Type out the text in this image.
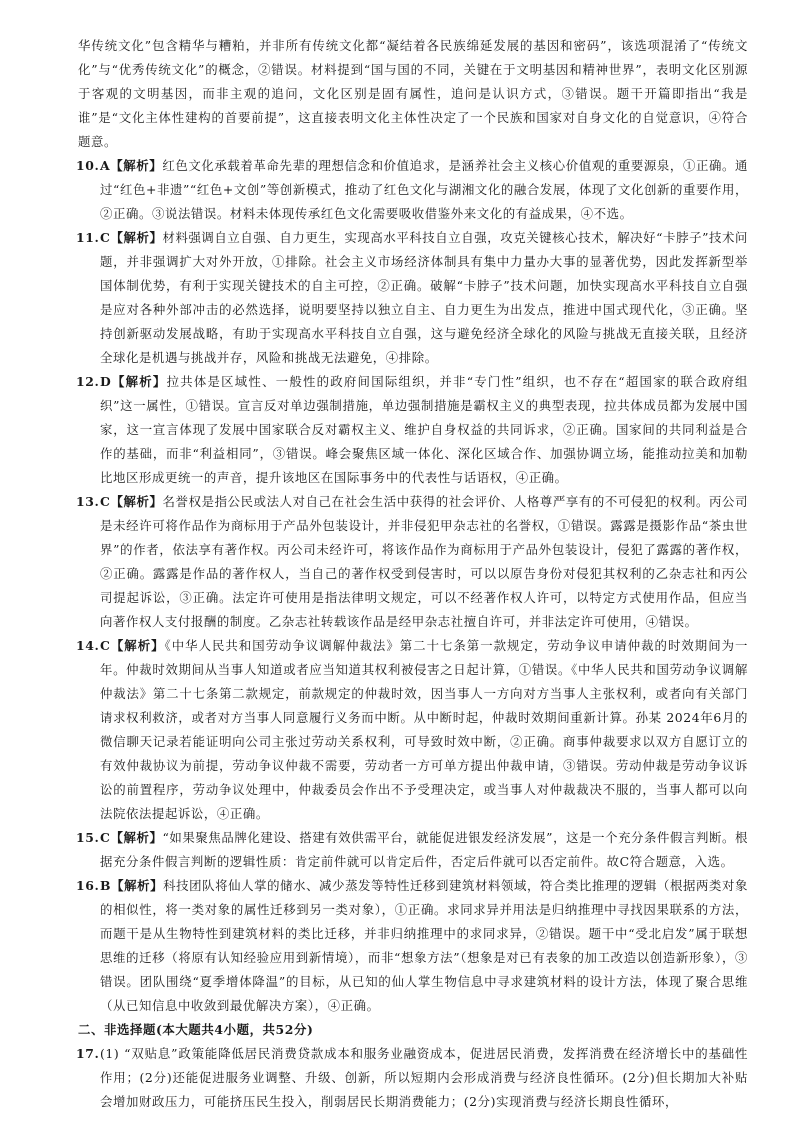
华传统文化”包含精华与糟粕，并非所有传统文化都“凝结着各民族绵延发展的基因和密码”，该选项混淆了“传统文化”与“优秀传统文化”的概念，②错误。材料提到“国与国的不同，关键在于文明基因和精神世界”，表明文化区别源于客观的文明基因，而非主观的追问，文化区别是固有属性，追问是认识方式，③错误。题干开篇即指出“我是谁”是“文化主体性建构的首要前提”，这直接表明文化主体性决定了一个民族和国家对自身文化的自觉意识，④符合题意。

10. A【解析】红色文化承载着革命先辈的理想信念和价值追求，是涵养社会主义核心价值观的重要源泉，①正确。通过“红色+非遗”“红色+文创”等创新模式，推动了红色文化与湖湘文化的融合发展，体现了文化创新的重要作用，②正确。③说法错误。材料未体现传承红色文化需要吸收借鉴外来文化的有益成果，④不选。

11. C【解析】材料强调自立自强、自力更生，实现高水平科技自立自强，攻克关键核心技术，解决好“卡脖子”技术问题，并非强调扩大对外开放，①排除。社会主义市场经济体制具有集中力量办大事的显著优势，因此发挥新型举国体制优势，有利于实现关键技术的自主可控，②正确。破解“卡脖子”技术问题，加快实现高水平科技自立自强是应对各种外部冲击的必然选择，说明要坚持以独立自主、自力更生为出发点，推进中国式现代化，③正确。坚持创新驱动发展战略，有助于实现高水平科技自立自强，这与避免经济全球化的风险与挑战无直接关联，且经济全球化是机遇与挑战并存，风险和挑战无法避免，④排除。

12. D【解析】拉共体是区域性、一般性的政府间国际组织，并非“专门性”组织，也不存在“超国家的联合政府组织”这一属性，①错误。宣言反对单边强制措施，单边强制措施是霸权主义的典型表现，拉共体成员都为发展中国家，这一宣言体现了发展中国家联合反对霸权主义、维护自身权益的共同诉求，②正确。国家间的共同利益是合作的基础，而非“利益相同”，③错误。峰会聚焦区域一体化、深化区域合作、加强协调立场，能推动拉美和加勒比地区形成更统一的声音，提升该地区在国际事务中的代表性与话语权，④正确。

13. C【解析】名誉权是指公民或法人对自己在社会生活中获得的社会评价、人格尊严享有的不可侵犯的权利。丙公司是未经许可将作品作为商标用于产品外包装设计，并非侵犯甲杂志社的名誉权，①错误。露露是摄影作品“茶虫世界”的作者，依法享有著作权。丙公司未经许可，将该作品作为商标用于产品外包装设计，侵犯了露露的著作权，②正确。露露是作品的著作权人，当自己的著作权受到侵害时，可以以原告身份对侵犯其权利的乙杂志社和丙公司提起诉讼，③正确。法定许可使用是指法律明文规定，可以不经著作权人许可，以特定方式使用作品，但应当向著作权人支付报酬的制度。乙杂志社转载该作品是经甲杂志社擅自许可，并非法定许可使用，④错误。

14. C【解析】《中华人民共和国劳动争议调解仲裁法》第二十七条第一款规定，劳动争议申请仲裁的时效期间为一年。仲裁时效期间从当事人知道或者应当知道其权利被侵害之日起计算，①错误。《中华人民共和国劳动争议调解仲裁法》第二十七条第二款规定，前款规定的仲裁时效，因当事人一方向对方当事人主张权利，或者向有关部门请求权利救济，或者对方当事人同意履行义务而中断。从中断时起，仲裁时效期间重新计算。孙某 2024年6月的微信聊天记录若能证明向公司主张过劳动关系权利，可导致时效中断，②正确。商事仲裁要求以双方自愿订立的有效仲裁协议为前提，劳动争议仲裁不需要，劳动者一方可单方提出仲裁申请，③错误。劳动仲裁是劳动争议诉讼的前置程序，劳动争议处理中，仲裁委员会作出不予受理决定，或当事人对仲裁裁决不服的，当事人都可以向法院依法提起诉讼，④正确。

15. C【解析】“如果聚焦品牌化建设、搭建有效供需平台，就能促进银发经济发展”，这是一个充分条件假言判断。根据充分条件假言判断的逻辑性质：肯定前件就可以肯定后件，否定后件就可以否定前件。故C符合题意，入选。

16. B【解析】科技团队将仙人掌的储水、减少蒸发等特性迁移到建筑材料领域，符合类比推理的逻辑（根据两类对象的相似性，将一类对象的属性迁移到另一类对象），①正确。求同求异并用法是归纳推理中寻找因果联系的方法，而题干是从生物特性到建筑材料的类比迁移，并非归纳推理中的求同求异，②错误。题干中“受北启发”属于联想思维的迁移（将原有认知经验应用到新情境），而非“想象方法”（想象是对已有表象的加工改造以创造新形象），③错误。团队围绕“夏季增体降温”的目标，从已知的仙人掌生物信息中寻求建筑材料的设计方法，体现了聚合思维（从已知信息中收敛到最优解决方案），④正确。

二、非选择题(本大题共4小题，共52分)

17. (1) “双贴息”政策能降低居民消费贷款成本和服务业融资成本，促进居民消费，发挥消费在经济增长中的基础性作用；(2分)还能促进服务业调整、升级、创新，所以短期内会形成消费与经济良性循环。(2分)但长期加大补贴会增加财政压力，可能挤压民生投入，削弱居民长期消费能力；(2分)实现消费与经济长期良性循环，
